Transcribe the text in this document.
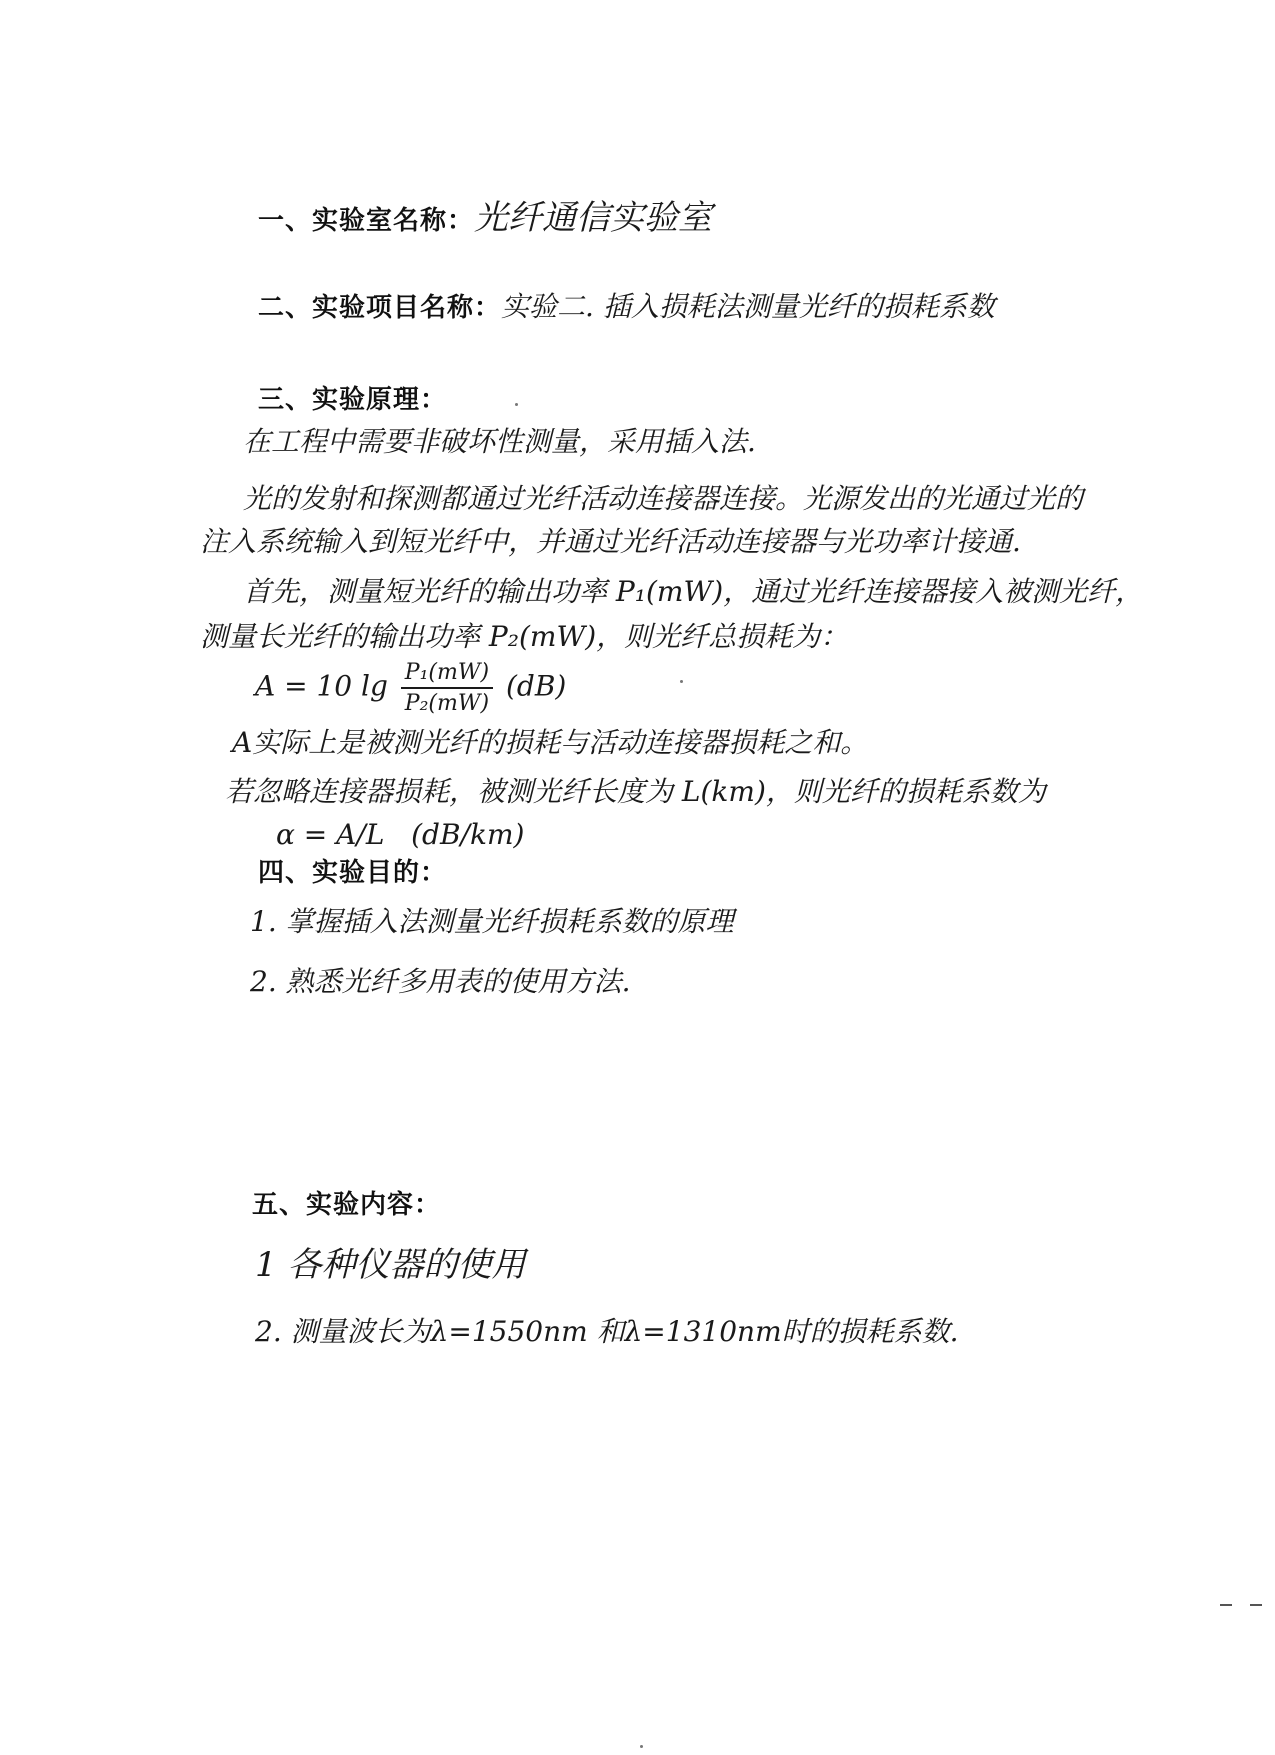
一、实验室名称：光纤通信实验室
二、实验项目名称：实验二. 插入损耗法测量光纤的损耗系数
三、实验原理：
在工程中需要非破坏性测量，采用插入法.
光的发射和探测都通过光纤活动连接器连接。光源发出的光通过光的
注入系统输入到短光纤中，并通过光纤活动连接器与光功率计接通.
首先，测量短光纤的输出功率 P₁(mW)，通过光纤连接器接入被测光纤，
测量长光纤的输出功率 P₂(mW)，则光纤总损耗为：
A = 10 $\lg \frac{\text{P₁(mW)}}{\text{P₂(mW)}} (dB)$
A实际上是被测光纤的损耗与活动连接器损耗之和。
若忽略连接器损耗，被测光纤长度为 L(km)，则光纤的损耗系数为
α = A/L (dB/km)
四、实验目的：
1. 掌握插入法测量光纤损耗系数的原理
2. 熟悉光纤多用表的使用方法.
五、实验内容：
1 各种仪器的使用
2. 测量波长为λ=1550nm 和λ=1310nm时的损耗系数.
